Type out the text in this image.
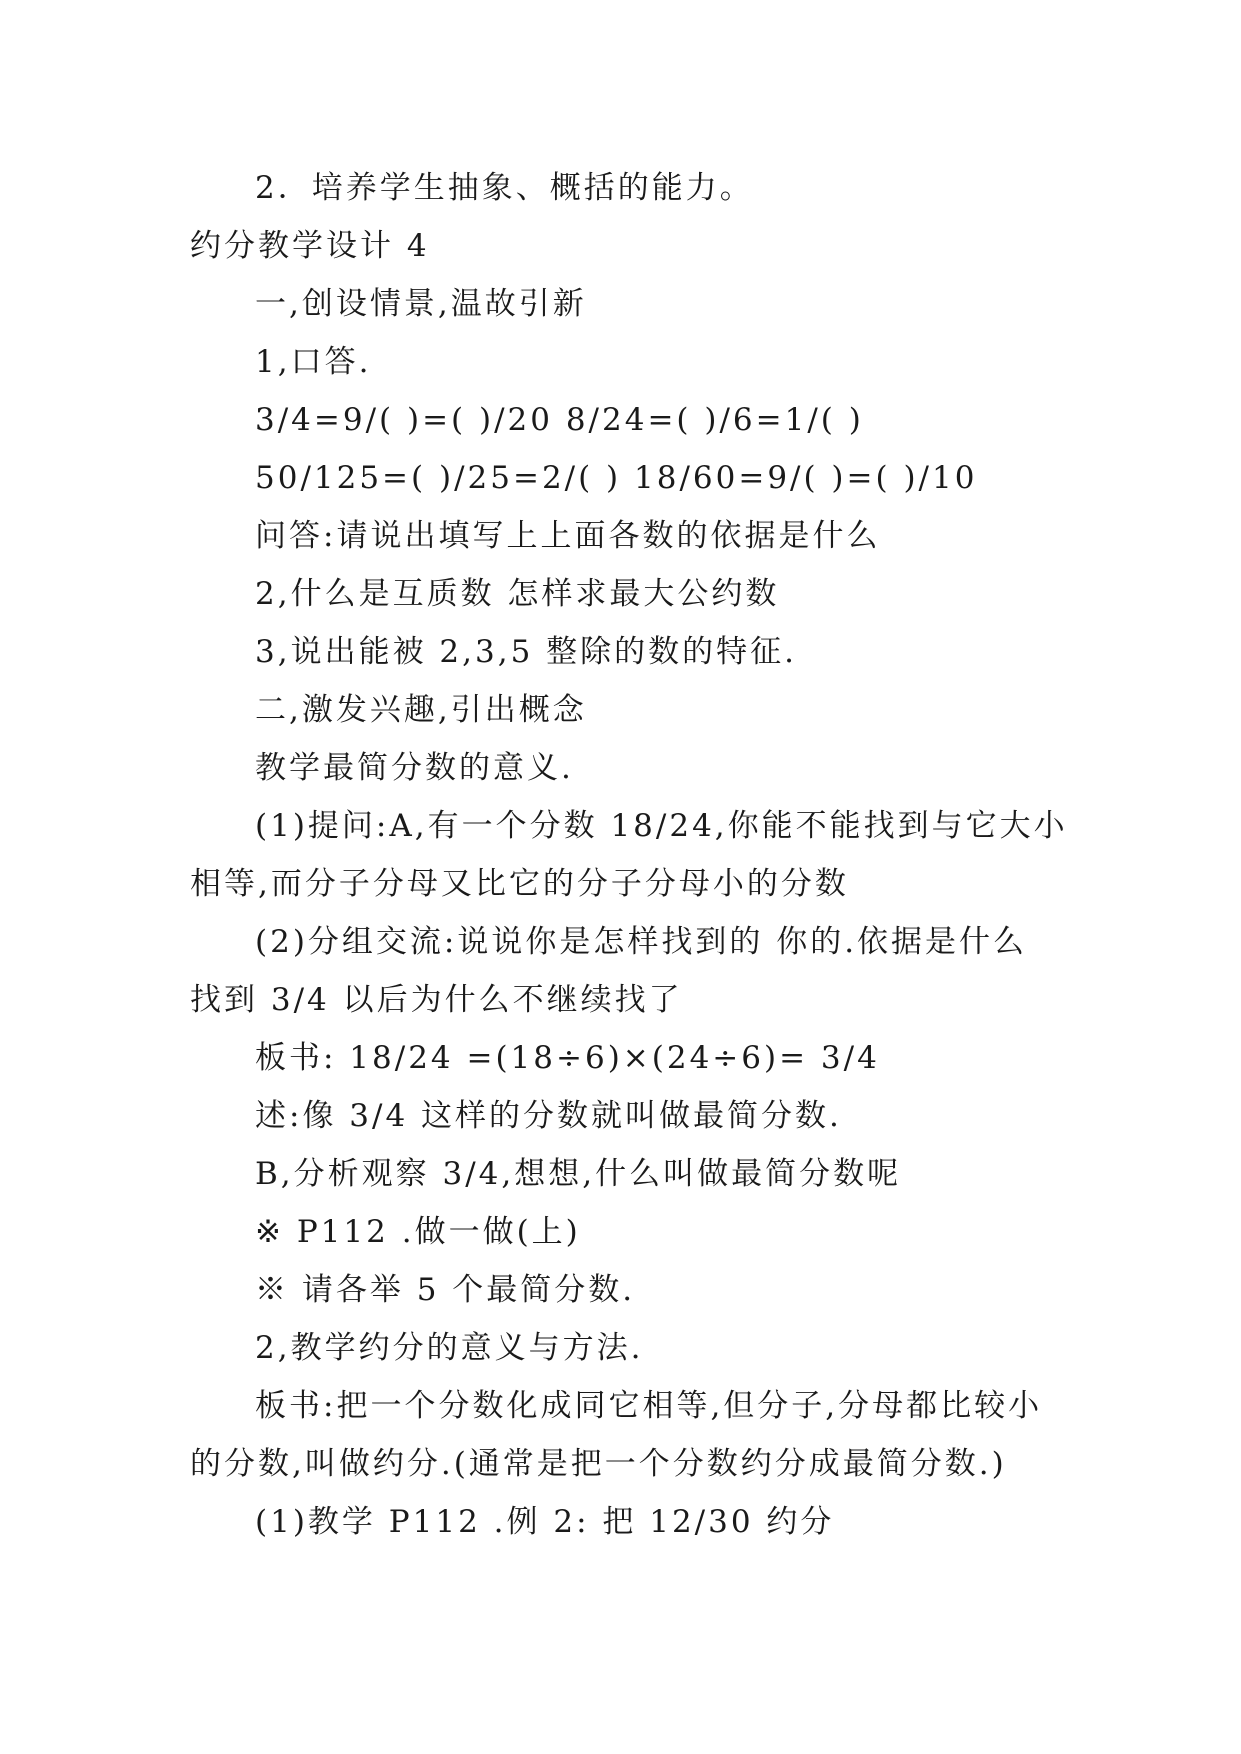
2．培养学生抽象、概括的能力。
约分教学设计 4
一,创设情景,温故引新
1,口答.
3/4=9/( )=( )/20 8/24=( )/6=1/( )
50/125=( )/25=2/( ) 18/60=9/( )=( )/10
问答:请说出填写上上面各数的依据是什么
2,什么是互质数 怎样求最大公约数
3,说出能被 2,3,5 整除的数的特征.
二,激发兴趣,引出概念
教学最简分数的意义.
(1)提问:A,有一个分数 18/24,你能不能找到与它大小
相等,而分子分母又比它的分子分母小的分数
(2)分组交流:说说你是怎样找到的 你的.依据是什么
找到 3/4 以后为什么不继续找了
板书: 18/24 =(18÷6)×(24÷6)= 3/4
述:像 3/4 这样的分数就叫做最简分数.
B,分析观察 3/4,想想,什么叫做最简分数呢
※ P112 .做一做(上)
※ 请各举 5 个最简分数.
2,教学约分的意义与方法.
板书:把一个分数化成同它相等,但分子,分母都比较小
的分数,叫做约分.(通常是把一个分数约分成最简分数.)
(1)教学 P112 .例 2: 把 12/30 约分
